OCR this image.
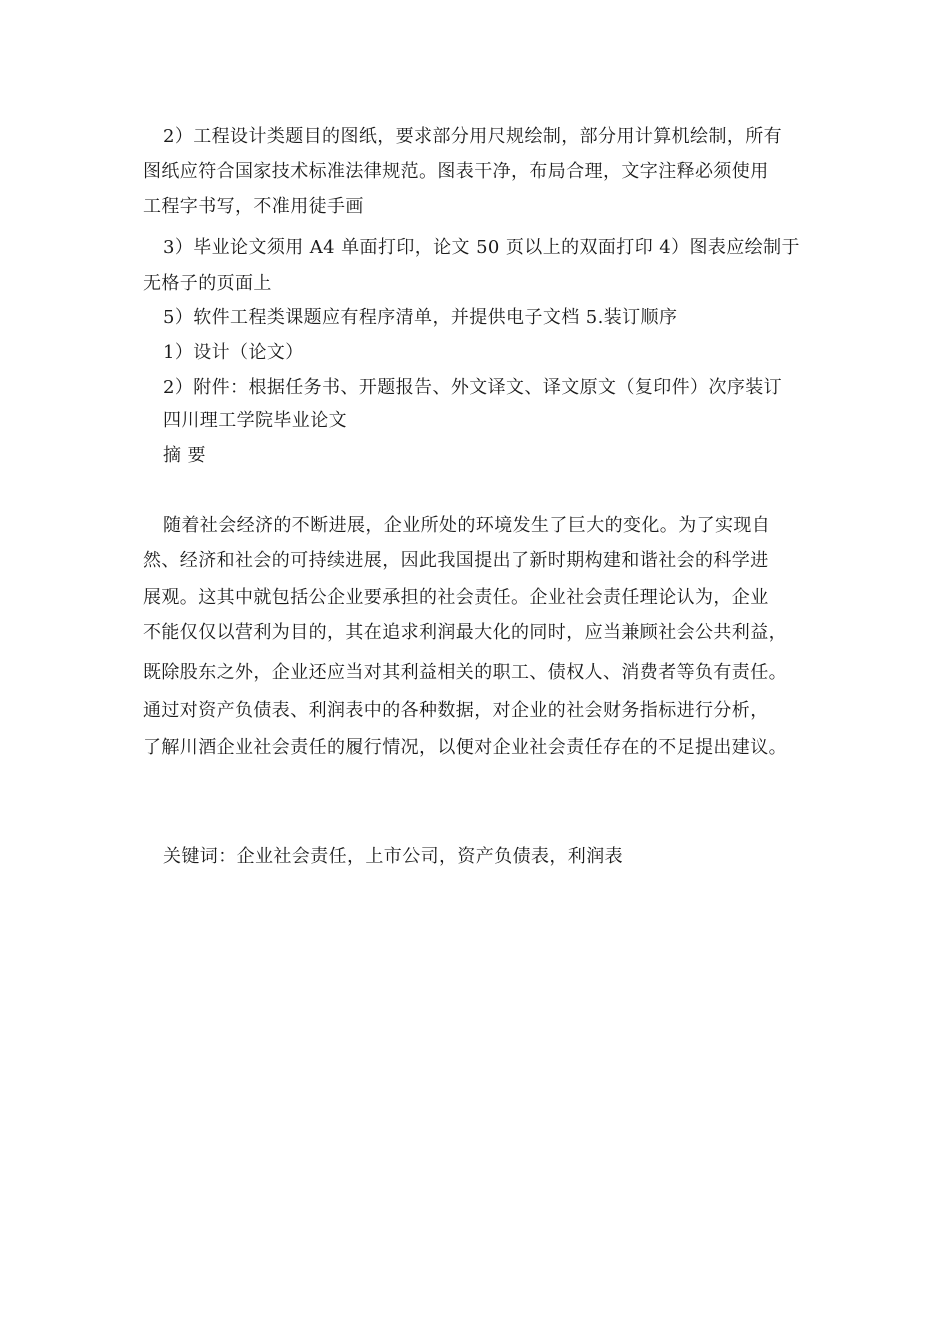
2）工程设计类题目的图纸，要求部分用尺规绘制，部分用计算机绘制，所有
图纸应符合国家技术标准法律规范。图表干净，布局合理，文字注释必须使用
工程字书写，不准用徒手画
3）毕业论文须用 A4 单面打印，论文 50 页以上的双面打印 4）图表应绘制于
无格子的页面上
5）软件工程类课题应有程序清单，并提供电子文档 5.装订顺序
1）设计（论文）
2）附件：根据任务书、开题报告、外文译文、译文原文（复印件）次序装订
四川理工学院毕业论文
摘 要
随着社会经济的不断进展，企业所处的环境发生了巨大的变化。为了实现自
然、经济和社会的可持续进展，因此我国提出了新时期构建和谐社会的科学进
展观。这其中就包括公企业要承担的社会责任。企业社会责任理论认为，企业
不能仅仅以营利为目的，其在追求利润最大化的同时，应当兼顾社会公共利益，
既除股东之外，企业还应当对其利益相关的职工、债权人、消费者等负有责任。
通过对资产负债表、利润表中的各种数据，对企业的社会财务指标进行分析，
了解川酒企业社会责任的履行情况，以便对企业社会责任存在的不足提出建议。
关键词：企业社会责任，上市公司，资产负债表，利润表
